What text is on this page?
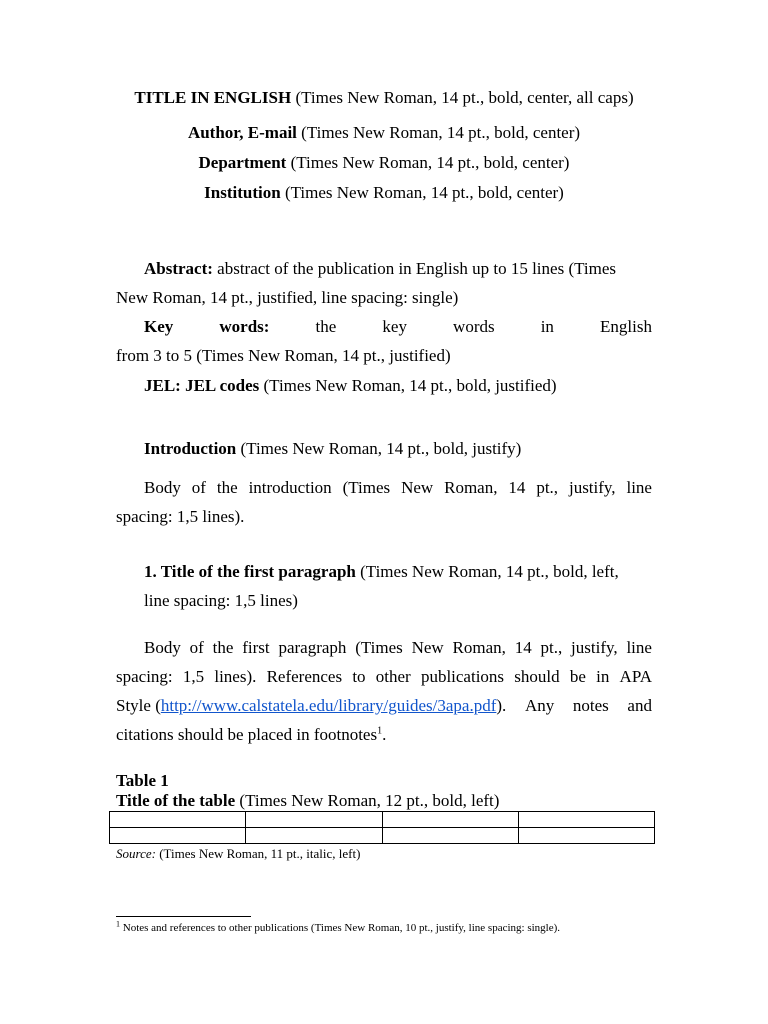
TITLE IN ENGLISH (Times New Roman, 14 pt., bold, center, all caps)
Author, E-mail (Times New Roman, 14 pt., bold, center)
Department (Times New Roman, 14 pt., bold, center)
Institution (Times New Roman, 14 pt., bold, center)
Abstract: abstract of the publication in English up to 15 lines (Times
New Roman, 14 pt., justified, line spacing: single)
Key	words:	the	key	words	in	English
from 3 to 5 (Times New Roman, 14 pt., justified)
JEL: JEL codes (Times New Roman, 14 pt., bold, justified)
Introduction (Times New Roman, 14 pt., bold, justify)
Body of the introduction (Times New Roman, 14 pt., justify, line
spacing: 1,5 lines).
1. Title of the first paragraph (Times New Roman, 14 pt., bold, left,
line spacing: 1,5 lines)
Body of the first paragraph (Times New Roman, 14 pt., justify, line
spacing: 1,5 lines). References to other publications should be in APA
Style (http://www.calstatela.edu/library/guides/3apa.pdf). Any notes and
citations should be placed in footnotes$^1$.
Table 1
Title of the table (Times New Roman, 12 pt., bold, left)

Source: (Times New Roman, 11 pt., italic, left)
$^1$ Notes and references to other publications (Times New Roman, 10 pt., justify, line spacing: single).
